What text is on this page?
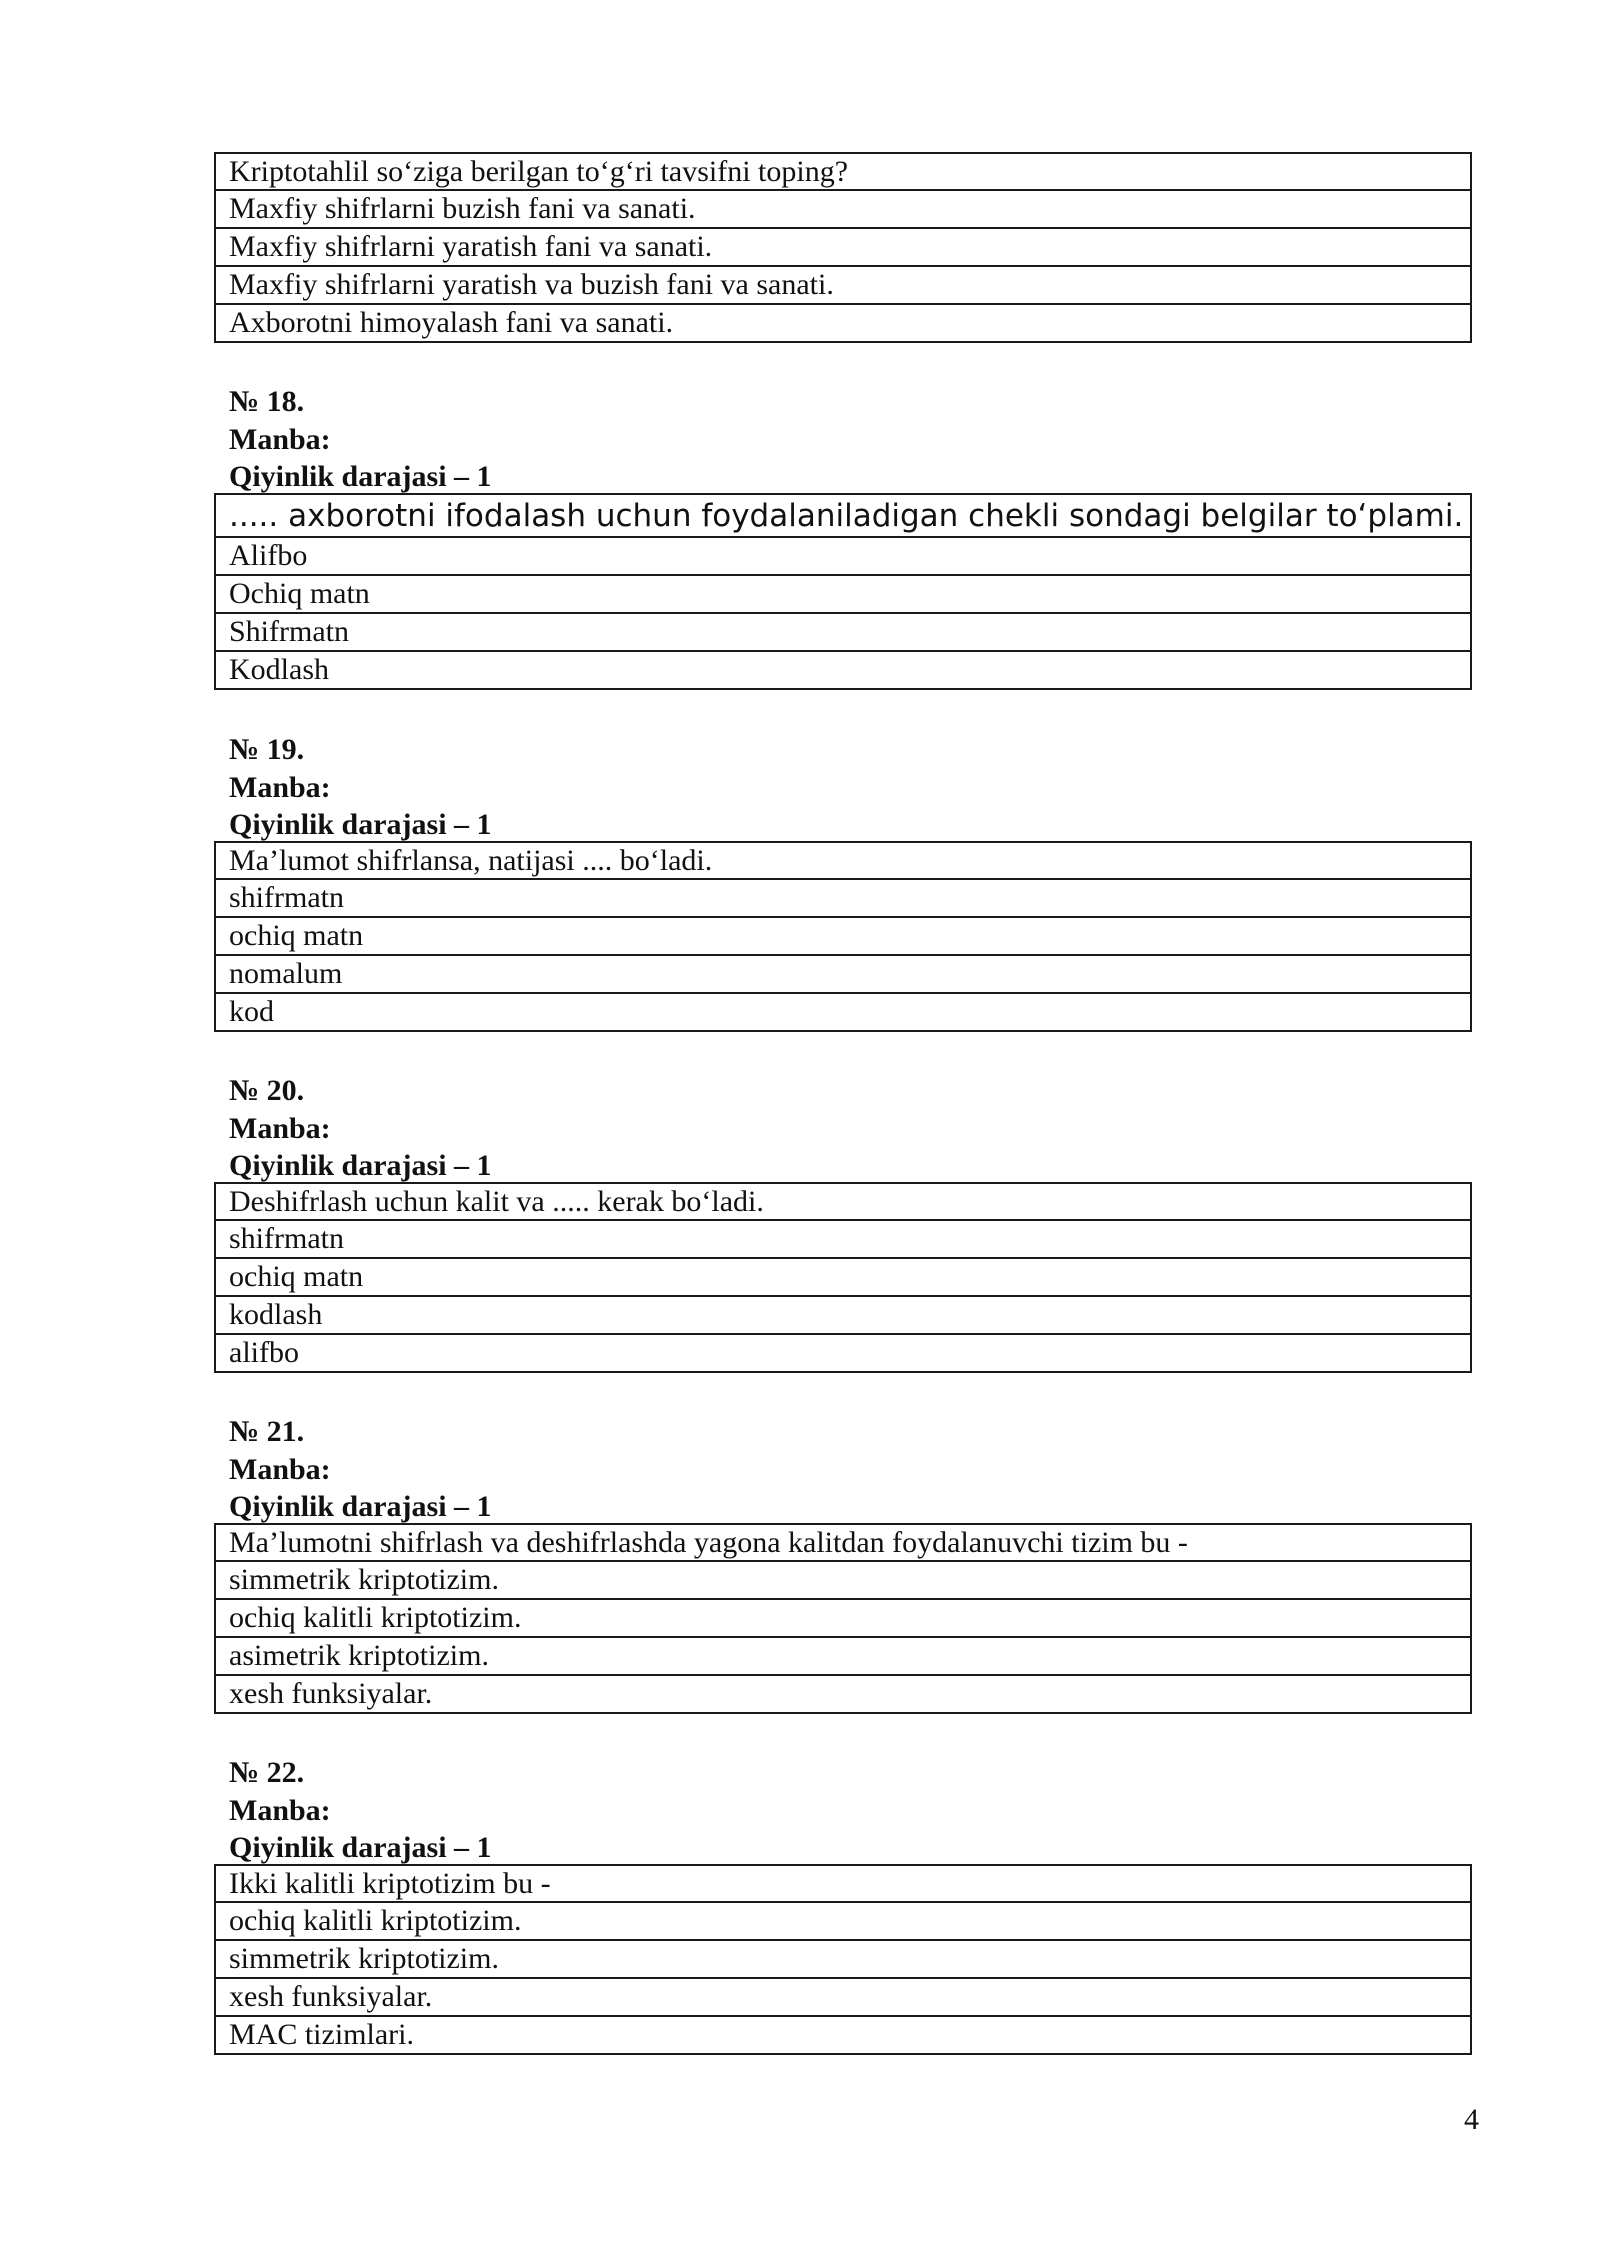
Kriptotahlil so‘ziga berilgan to‘g‘ri tavsifni toping?
Maxfiy shifrlarni buzish fani va sanati.
Maxfiy shifrlarni yaratish fani va sanati.
Maxfiy shifrlarni yaratish va buzish fani va sanati.
Axborotni himoyalash fani va sanati.
№ 18.
Manba:
Qiyinlik darajasi – 1
..... axborotni ifodalash uchun foydalaniladigan chekli sondagi belgilar to‘plami.
Alifbo
Ochiq matn
Shifrmatn
Kodlash
№ 19.
Manba:
Qiyinlik darajasi – 1
Ma’lumot shifrlansa, natijasi .... bo‘ladi.
shifrmatn
ochiq matn
nomalum
kod
№ 20.
Manba:
Qiyinlik darajasi – 1
Deshifrlash uchun kalit va ..... kerak bo‘ladi.
shifrmatn
ochiq matn
kodlash
alifbo
№ 21.
Manba:
Qiyinlik darajasi – 1
Ma’lumotni shifrlash va deshifrlashda yagona kalitdan foydalanuvchi tizim bu -
simmetrik kriptotizim.
ochiq kalitli kriptotizim.
asimetrik kriptotizim.
xesh funksiyalar.
№ 22.
Manba:
Qiyinlik darajasi – 1
Ikki kalitli kriptotizim bu -
ochiq kalitli kriptotizim.
simmetrik kriptotizim.
xesh funksiyalar.
MAC tizimlari.
4
